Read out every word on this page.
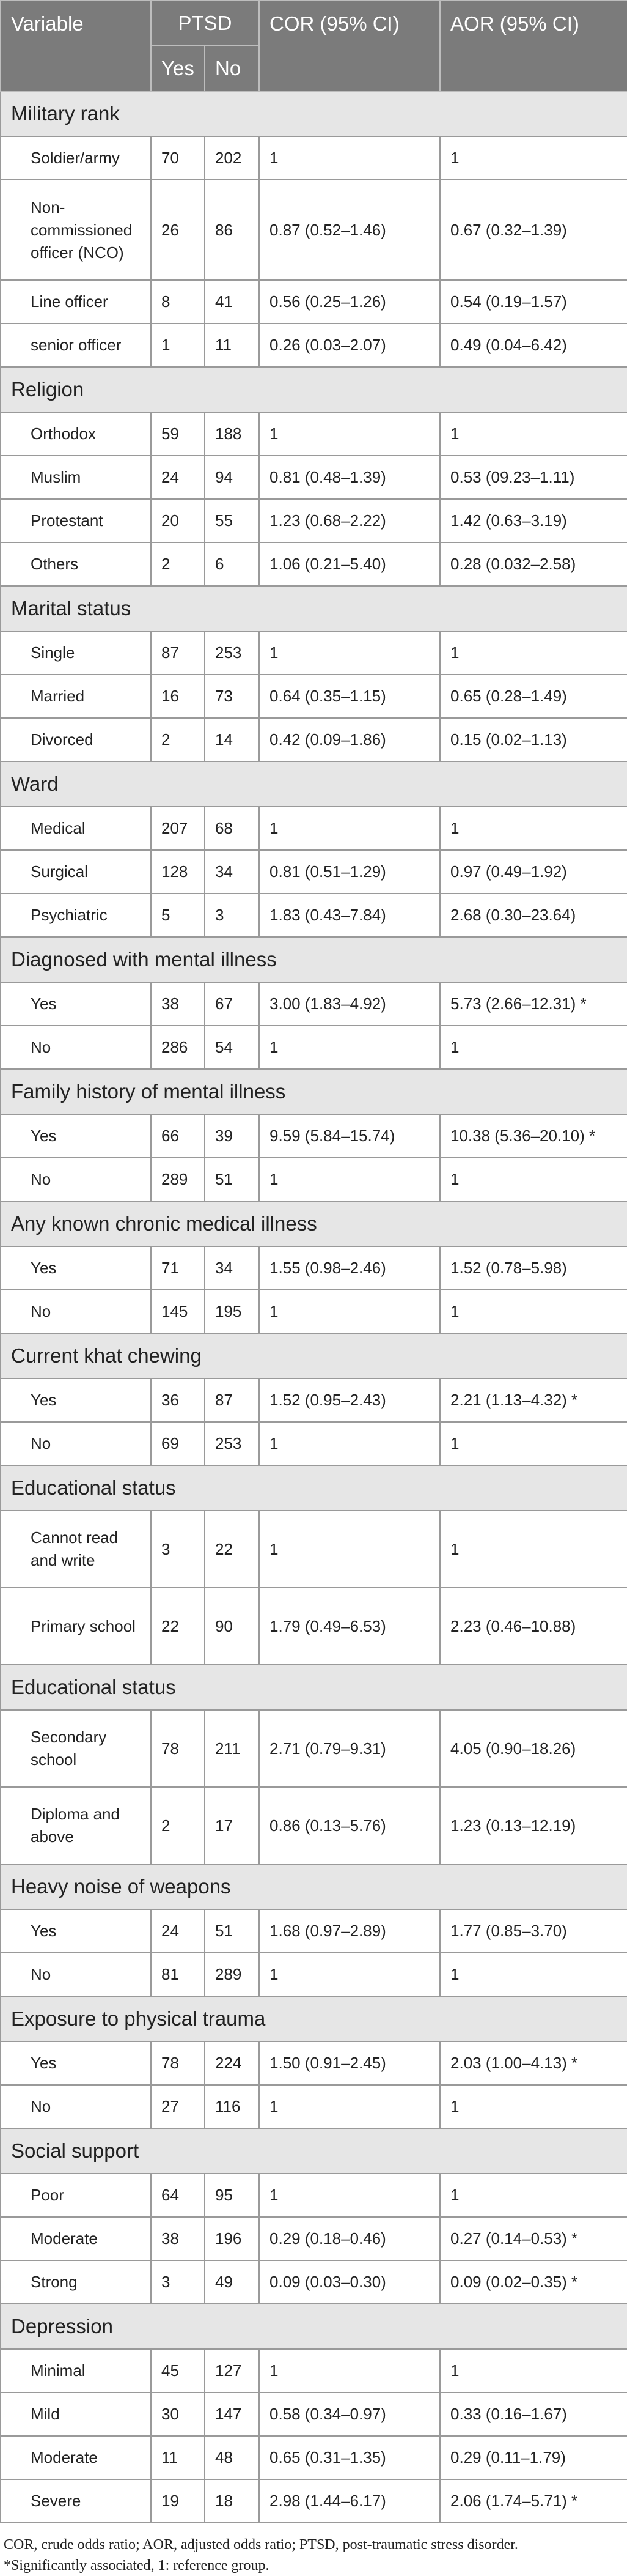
Variable	PTSD		COR (95% CI)	AOR (95% CI)
	Yes	No		
Military rank				
Soldier/army	70	202	1	1
Non-commissioned officer (NCO)	26	86	0.87 (0.52–1.46)	0.67 (0.32–1.39)
Line officer	8	41	0.56 (0.25–1.26)	0.54 (0.19–1.57)
senior officer	1	11	0.26 (0.03–2.07)	0.49 (0.04–6.42)
Religion				
Orthodox	59	188	1	1
Muslim	24	94	0.81 (0.48–1.39)	0.53 (09.23–1.11)
Protestant	20	55	1.23 (0.68–2.22)	1.42 (0.63–3.19)
Others	2	6	1.06 (0.21–5.40)	0.28 (0.032–2.58)
Marital status				
Single	87	253	1	1
Married	16	73	0.64 (0.35–1.15)	0.65 (0.28–1.49)
Divorced	2	14	0.42 (0.09–1.86)	0.15 (0.02–1.13)
Ward				
Medical	207	68	1	1
Surgical	128	34	0.81 (0.51–1.29)	0.97 (0.49–1.92)
Psychiatric	5	3	1.83 (0.43–7.84)	2.68 (0.30–23.64)
Diagnosed with mental illness				
Yes	38	67	3.00 (1.83–4.92)	5.73 (2.66–12.31) *
No	286	54	1	1
Family history of mental illness				
Yes	66	39	9.59 (5.84–15.74)	10.38 (5.36–20.10) *
No	289	51	1	1
Any known chronic medical illness				
Yes	71	34	1.55 (0.98–2.46)	1.52 (0.78–5.98)
No	145	195	1	1
Current khat chewing				
Yes	36	87	1.52 (0.95–2.43)	2.21 (1.13–4.32) *
No	69	253	1	1
Educational status				
Cannot read and write	3	22	1	1
Primary school	22	90	1.79 (0.49–6.53)	2.23 (0.46–10.88)
Educational status				
Secondary school	78	211	2.71 (0.79–9.31)	4.05 (0.90–18.26)
Diploma and above	2	17	0.86 (0.13–5.76)	1.23 (0.13–12.19)
Heavy noise of weapons				
Yes	24	51	1.68 (0.97–2.89)	1.77 (0.85–3.70)
No	81	289	1	1
Exposure to physical trauma				
Yes	78	224	1.50 (0.91–2.45)	2.03 (1.00–4.13) *
No	27	116	1	1
Social support				
Poor	64	95	1	1
Moderate	38	196	0.29 (0.18–0.46)	0.27 (0.14–0.53) *
Strong	3	49	0.09 (0.03–0.30)	0.09 (0.02–0.35) *
Depression				
Minimal	45	127	1	1
Mild	30	147	0.58 (0.34–0.97)	0.33 (0.16–1.67)
Moderate	11	48	0.65 (0.31–1.35)	0.29 (0.11–1.79)
Severe	19	18	2.98 (1.44–6.17)	2.06 (1.74–5.71) *
COR, crude odds ratio; AOR, adjusted odds ratio; PTSD, post-traumatic stress disorder.
*Significantly associated, 1: reference group.
